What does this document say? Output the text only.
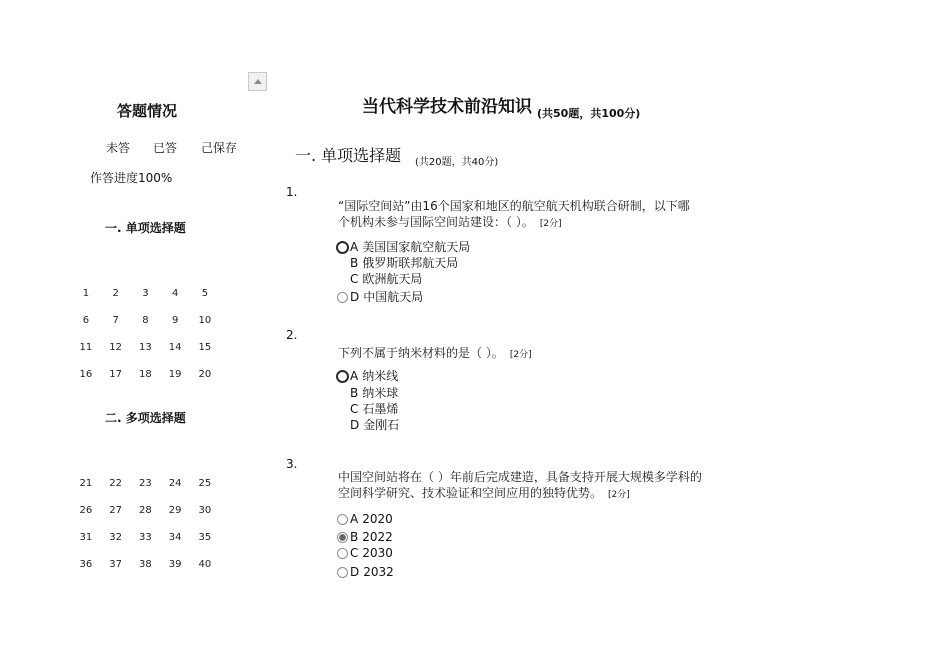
答题情况
未答 已答 己保存
作答进度100%
一. 单项选择题
1	2	3	4	5
6	7	8	9	10
11	12	13	14	15
16	17	18	19	20
二. 多项选择题
21	22	23	24	25
26	27	28	29	30
31	32	33	34	35
36	37	38	39	40
当代科学技术前沿知识 (共50题，共100分)
一. 单项选择题 (共20题，共40分)
1.
“国际空间站”由16个国家和地区的航空航天机构联合研制，以下哪
个机构未参与国际空间站建设：（ ）。 [2分]
A 美国国家航空航天局
B 俄罗斯联邦航天局
C 欧洲航天局
D 中国航天局
2.
下列不属于纳米材料的是（ ）。 [2分]
A 纳米线
B 纳米球
C 石墨烯
D 金刚石
3.
中国空间站将在（ ）年前后完成建造，具备支持开展大规模多学科的
空间科学研究、技术验证和空间应用的独特优势。 [2分]
A 2020
B 2022
C 2030
D 2032
